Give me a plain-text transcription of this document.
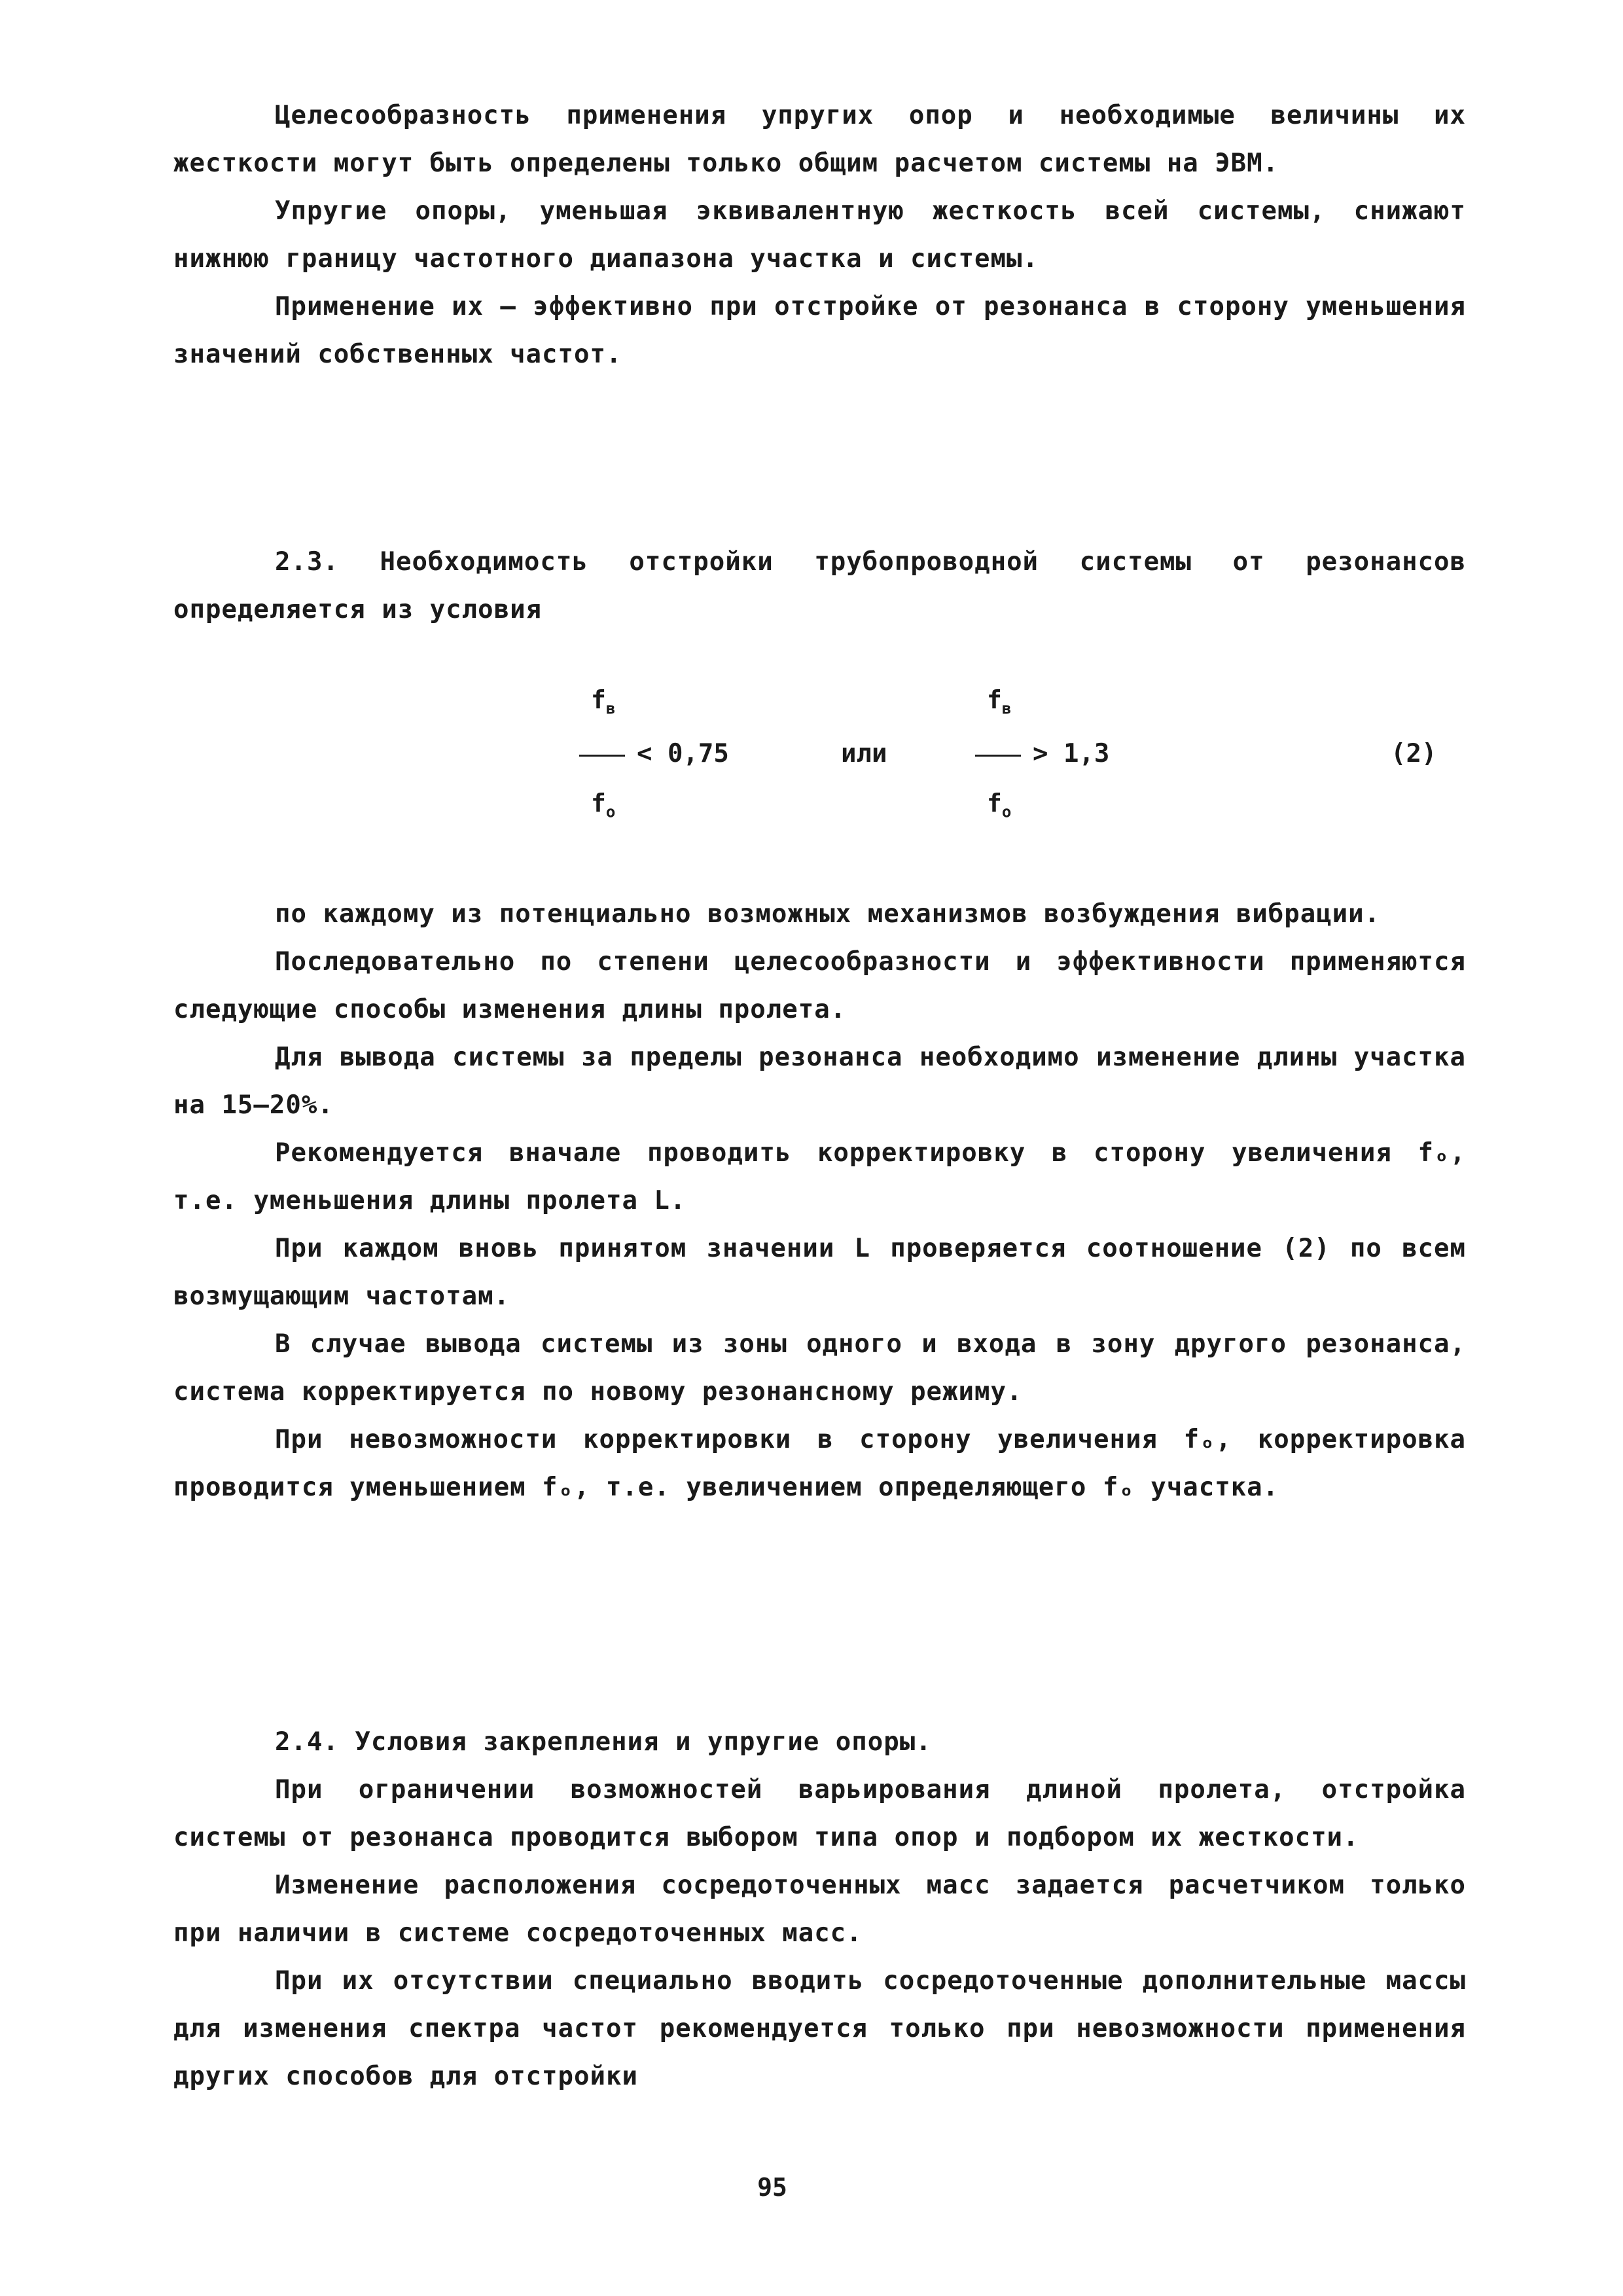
Целесообразность применения упругих опор и необходимые величины их жесткости могут быть определены только общим расчетом системы на ЭВМ.

Упругие опоры, уменьшая эквивалентную жесткость всей системы, снижают нижнюю границу частотного диапазона участка и системы.

Применение их – эффективно при отстройке от резонанса в сторону уменьшения значений собственных частот.

2.3. Необходимость отстройки трубопроводной системы от резонансов определяется из условия

$f_в$
$f_о$
< 0,75	или
$f_в$
$f_о$
> 1,3	(2)

по каждому из потенциально возможных механизмов возбуждения вибрации.

Последовательно по степени целесообразности и эффективности применяются следующие способы изменения длины пролета.

Для вывода системы за пределы резонанса необходимо изменение длины участка на 15–20%.

Рекомендуется вначале проводить корректировку в сторону увеличения fₒ, т.е. уменьшения длины пролета L.

При каждом вновь принятом значении L проверяется соотношение (2) по всем возмущающим частотам.

В случае вывода системы из зоны одного и входа в зону другого резонанса, система корректируется по новому резонансному режиму.

При невозможности корректировки в сторону увеличения fₒ, корректировка проводится уменьшением fₒ, т.е. увеличением определяющего fₒ участка.

2.4. Условия закрепления и упругие опоры.

При ограничении возможностей варьирования длиной пролета, отстройка системы от резонанса проводится выбором типа опор и подбором их жесткости.

Изменение расположения сосредоточенных масс задается расчетчиком только при наличии в системе сосредоточенных масс.

При их отсутствии специально вводить сосредоточенные дополнительные массы для изменения спектра частот рекомендуется только при невозможности применения других способов для отстройки

95
